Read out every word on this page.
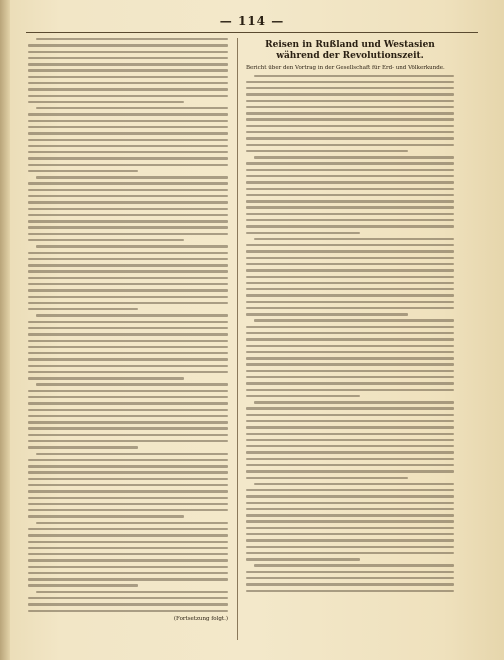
— 114 —
(Fortsetzung folgt.)
Reisen in Rußland und Westasien während der Revolutionszeit.
Bericht über den Vortrag in der Gesellschaft für Erd- und Völkerkunde.
